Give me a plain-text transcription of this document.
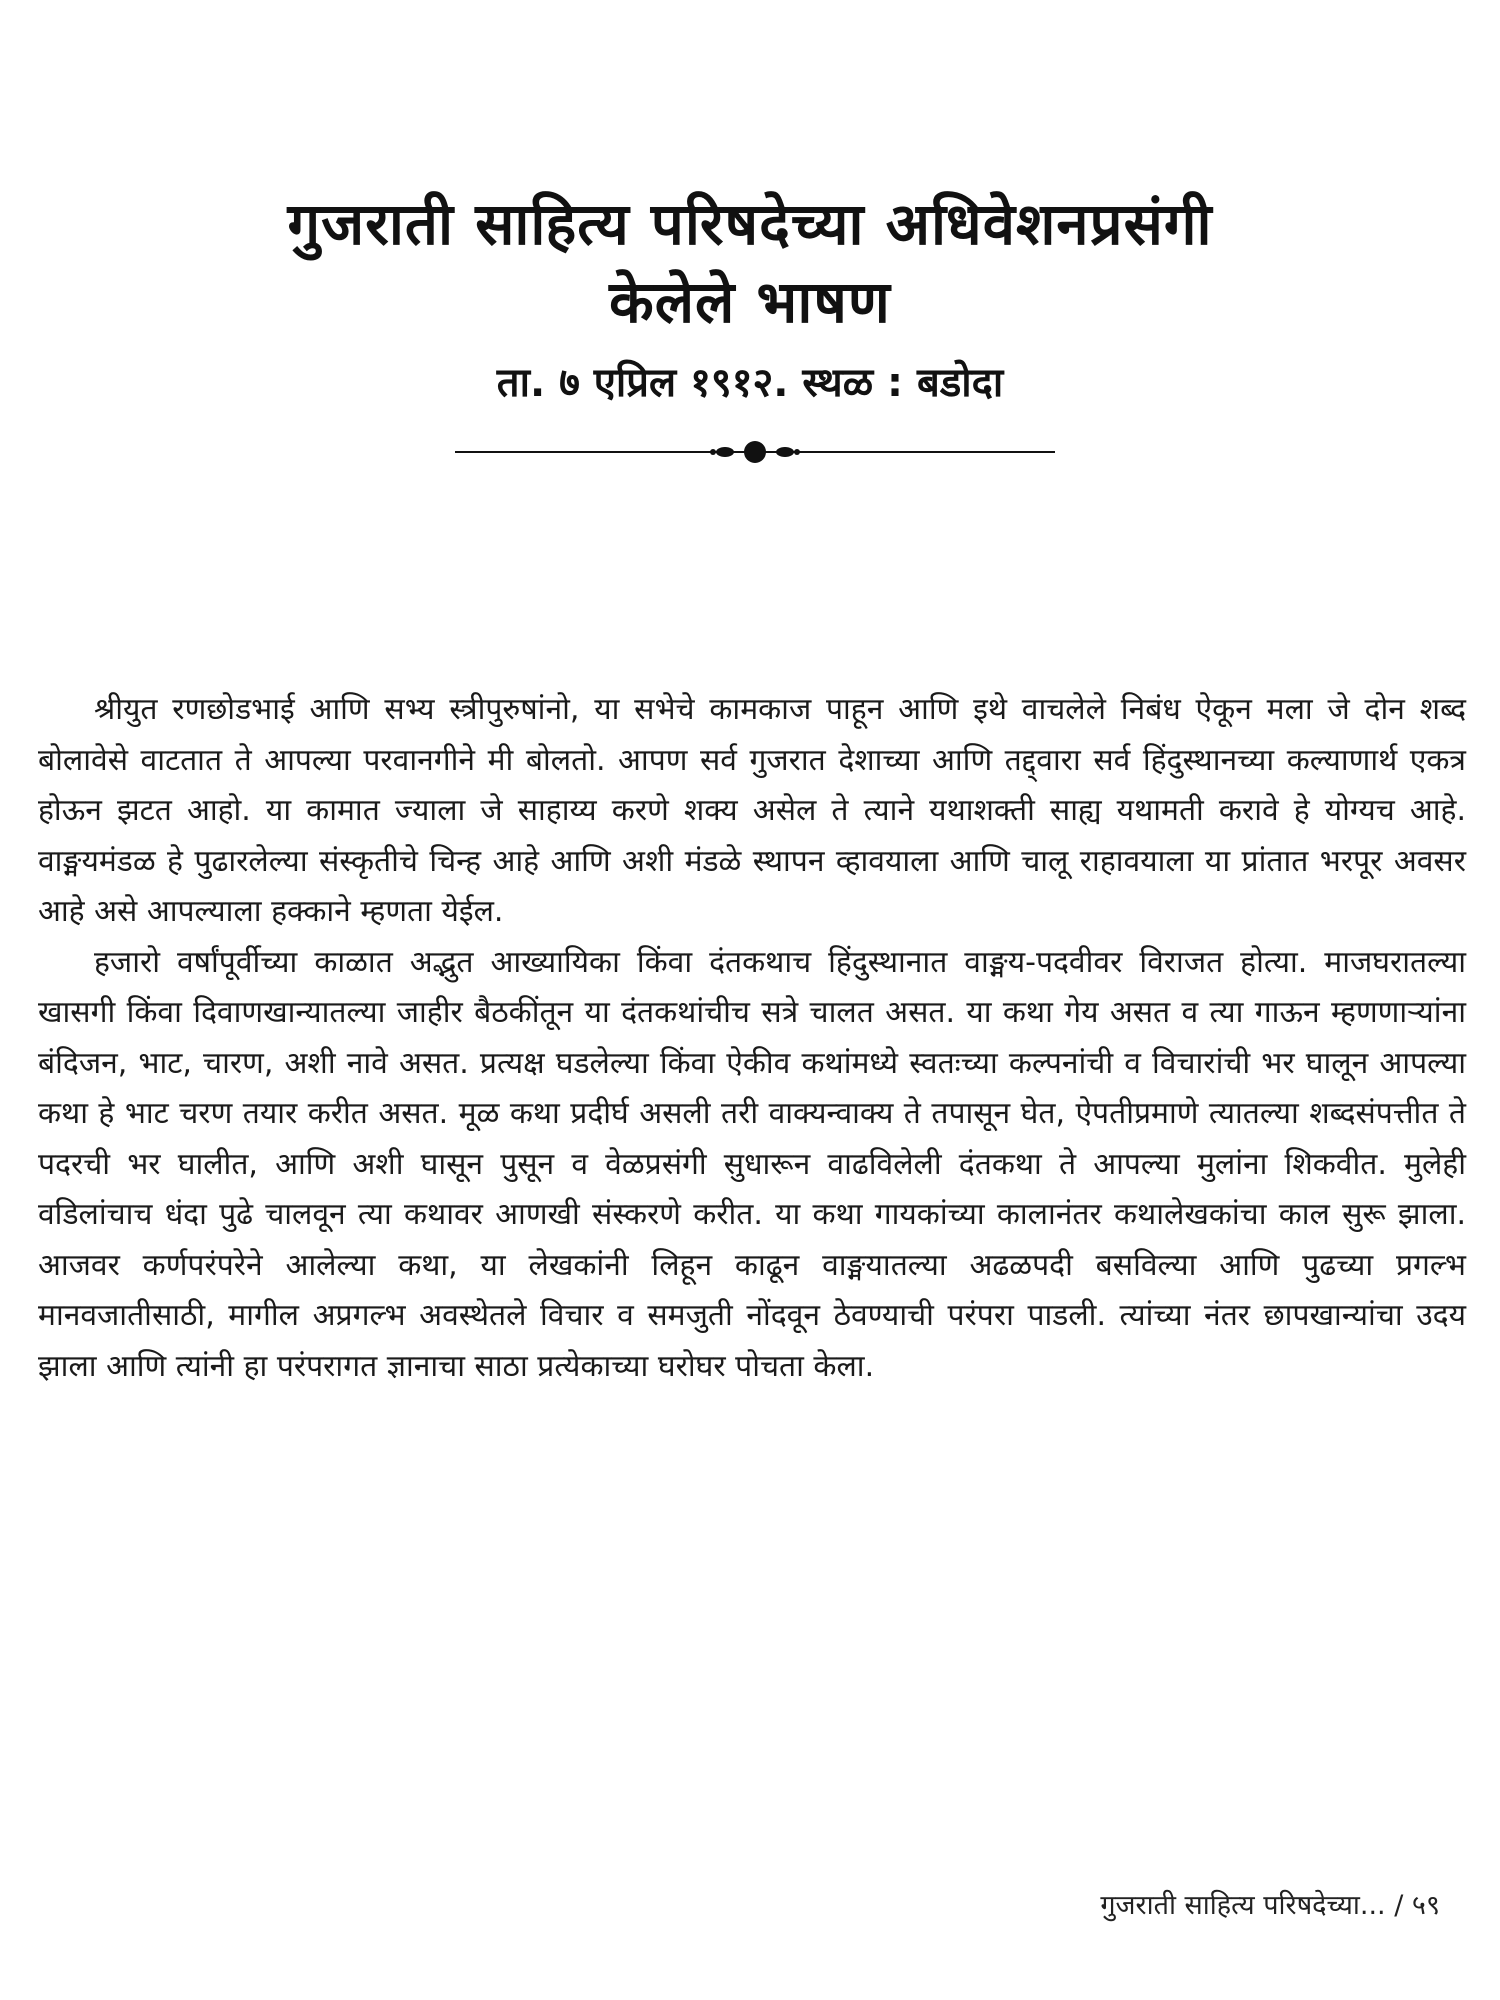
गुजराती साहित्य परिषदेच्या अधिवेशनप्रसंगी
केलेले भाषण
ता. ७ एप्रिल १९१२. स्थळ : बडोदा

श्रीयुत रणछोडभाई आणि सभ्य स्त्रीपुरुषांनो, या सभेचे कामकाज पाहून आणि इथे वाचलेले निबंध ऐकून मला जे दोन शब्द बोलावेसे वाटतात ते आपल्या परवानगीने मी बोलतो. आपण सर्व गुजरात देशाच्या आणि तद्द्वारा सर्व हिंदुस्थानच्या कल्याणार्थ एकत्र होऊन झटत आहो. या कामात ज्याला जे साहाय्य करणे शक्य असेल ते त्याने यथाशक्ती साह्य यथामती करावे हे योग्यच आहे. वाङ्मयमंडळ हे पुढारलेल्या संस्कृतीचे चिन्ह आहे आणि अशी मंडळे स्थापन व्हावयाला आणि चालू राहावयाला या प्रांतात भरपूर अवसर आहे असे आपल्याला हक्काने म्हणता येईल.

हजारो वर्षांपूर्वीच्या काळात अद्भुत आख्यायिका किंवा दंतकथाच हिंदुस्थानात वाङ्मय-पदवीवर विराजत होत्या. माजघरातल्या खासगी किंवा दिवाणखान्यातल्या जाहीर बैठकींतून या दंतकथांचीच सत्रे चालत असत. या कथा गेय असत व त्या गाऊन म्हणणाऱ्यांना बंदिजन, भाट, चारण, अशी नावे असत. प्रत्यक्ष घडलेल्या किंवा ऐकीव कथांमध्ये स्वतःच्या कल्पनांची व विचारांची भर घालून आपल्या कथा हे भाट चरण तयार करीत असत. मूळ कथा प्रदीर्घ असली तरी वाक्यन्वाक्य ते तपासून घेत, ऐपतीप्रमाणे त्यातल्या शब्दसंपत्तीत ते पदरची भर घालीत, आणि अशी घासून पुसून व वेळप्रसंगी सुधारून वाढविलेली दंतकथा ते आपल्या मुलांना शिकवीत. मुलेही वडिलांचाच धंदा पुढे चालवून त्या कथावर आणखी संस्करणे करीत. या कथा गायकांच्या कालानंतर कथालेखकांचा काल सुरू झाला. आजवर कर्णपरंपरेने आलेल्या कथा, या लेखकांनी लिहून काढून वाङ्मयातल्या अढळपदी बसविल्या आणि पुढच्या प्रगल्भ मानवजातीसाठी, मागील अप्रगल्भ अवस्थेतले विचार व समजुती नोंदवून ठेवण्याची परंपरा पाडली. त्यांच्या नंतर छापखान्यांचा उदय झाला आणि त्यांनी हा परंपरागत ज्ञानाचा साठा प्रत्येकाच्या घरोघर पोचता केला.

गुजराती साहित्य परिषदेच्या... / ५९
